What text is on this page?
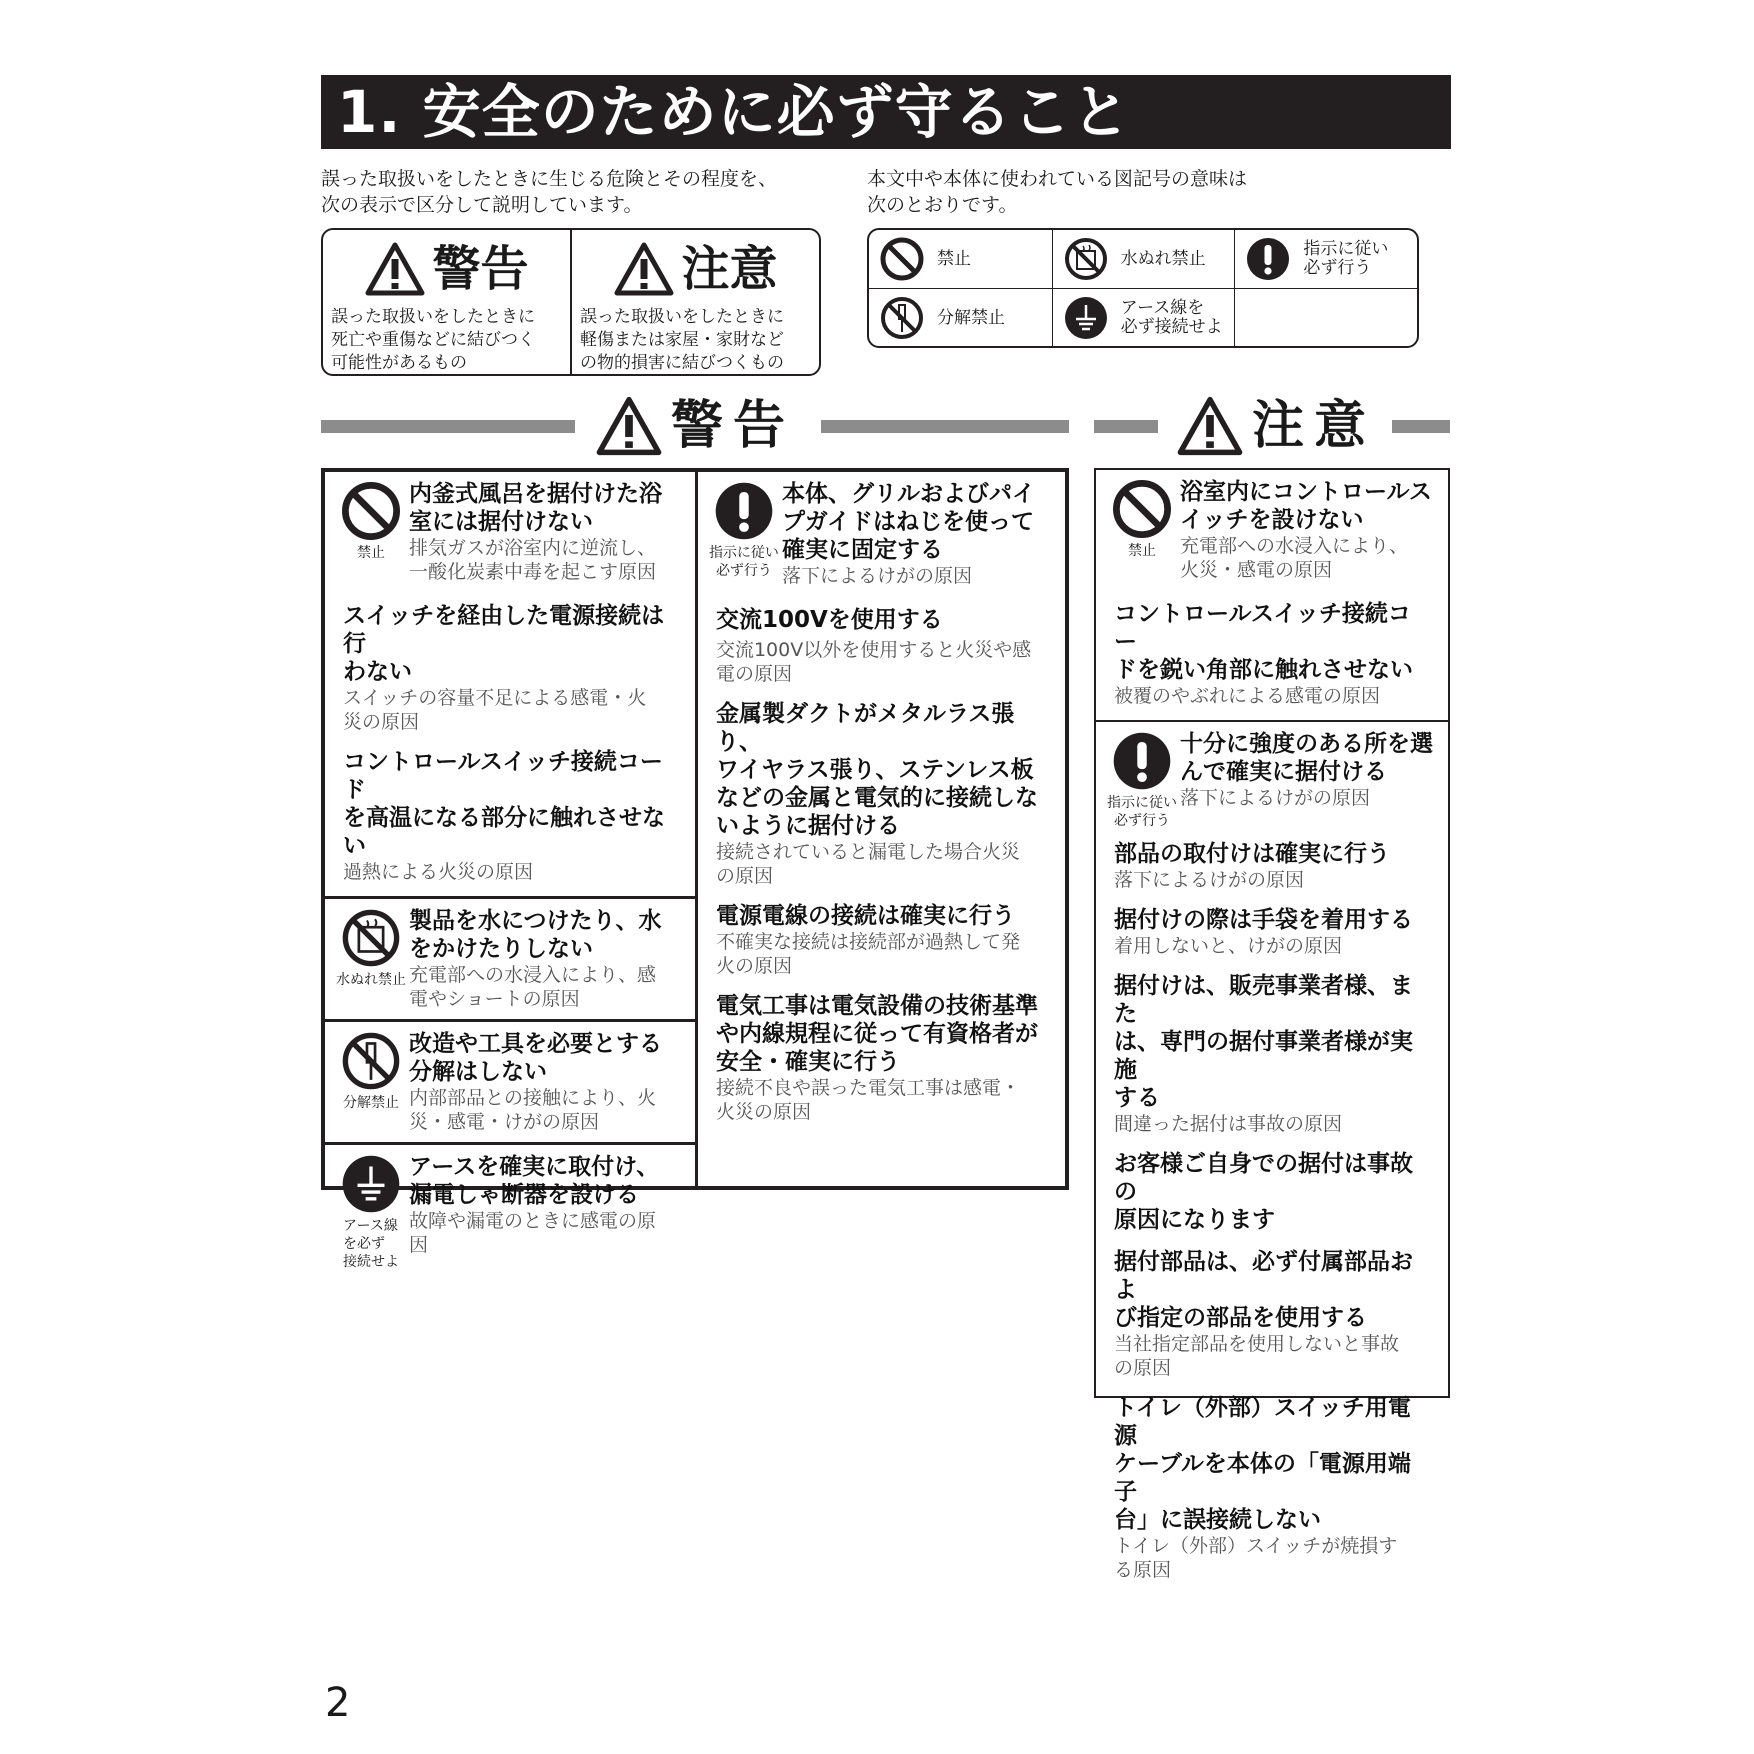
1. 安全のために必ず守ること
誤った取扱いをしたときに生じる危険とその程度を、
次の表示で区分して説明しています。
本文中や本体に使われている図記号の意味は
次のとおりです。
警告
誤った取扱いをしたときに
死亡や重傷などに結びつく
可能性があるもの
注意
誤った取扱いをしたときに
軽傷または家屋・家財など
の物的損害に結びつくもの
禁止	水ぬれ禁止	指示に従い
必ず行う
分解禁止	アース線を
必ず接続せよ
警告	注意
禁止
内釜式風呂を据付けた浴
室には据付けない
排気ガスが浴室内に逆流し、
一酸化炭素中毒を起こす原因
スイッチを経由した電源接続は行
わない
スイッチの容量不足による感電・火
災の原因
コントロールスイッチ接続コード
を高温になる部分に触れさせない
過熱による火災の原因
水ぬれ禁止
製品を水につけたり、水
をかけたりしない
充電部への水浸入により、感
電やショートの原因
分解禁止
改造や工具を必要とする
分解はしない
内部部品との接触により、火
災・感電・けがの原因
アース線
を必ず
接続せよ
アースを確実に取付け、
漏電しゃ断器を設ける
故障や漏電のときに感電の原
因
指示に従い
必ず行う
本体、グリルおよびパイ
プガイドはねじを使って
確実に固定する
落下によるけがの原因
交流100Vを使用する
交流100V以外を使用すると火災や感
電の原因
金属製ダクトがメタルラス張り、
ワイヤラス張り、ステンレス板
などの金属と電気的に接続しな
いように据付ける
接続されていると漏電した場合火災
の原因
電源電線の接続は確実に行う
不確実な接続は接続部が過熱して発
火の原因
電気工事は電気設備の技術基準
や内線規程に従って有資格者が
安全・確実に行う
接続不良や誤った電気工事は感電・
火災の原因
禁止
浴室内にコントロールス
イッチを設けない
充電部への水浸入により、
火災・感電の原因
コントロールスイッチ接続コー
ドを鋭い角部に触れさせない
被覆のやぶれによる感電の原因
指示に従い
必ず行う
十分に強度のある所を選
んで確実に据付ける
落下によるけがの原因
部品の取付けは確実に行う
落下によるけがの原因
据付けの際は手袋を着用する
着用しないと、けがの原因
据付けは、販売事業者様、また
は、専門の据付事業者様が実施
する
間違った据付は事故の原因
お客様ご自身での据付は事故の
原因になります
据付部品は、必ず付属部品およ
び指定の部品を使用する
当社指定部品を使用しないと事故
の原因
トイレ（外部）スイッチ用電源
ケーブルを本体の「電源用端子
台」に誤接続しない
トイレ（外部）スイッチが焼損す
る原因
2
